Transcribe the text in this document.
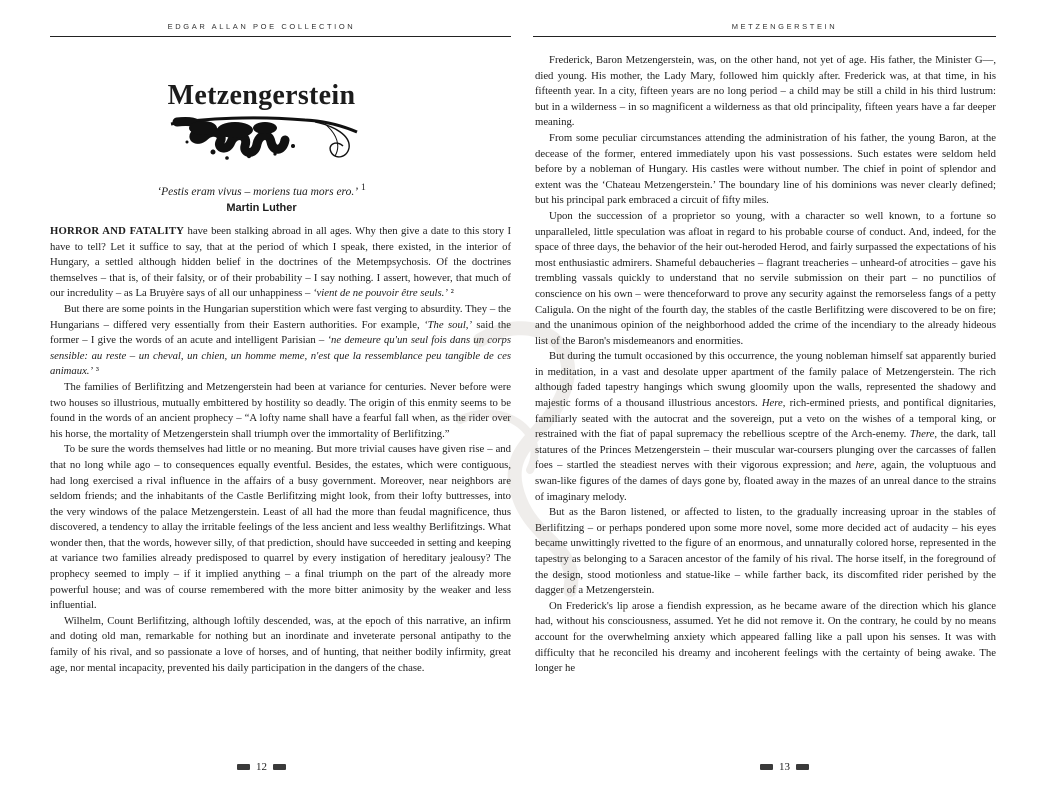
EDGAR ALLAN POE COLLECTION
Metzengerstein
‘Pestis eram vivus – moriens tua mors ero.’ $^1$
Martin Luther

HORROR AND FATALITY have been stalking abroad in all ages. Why then give a date to this story I have to tell? Let it suffice to say, that at the period of which I speak, there existed, in the interior of Hungary, a settled although hidden belief in the doctrines of the Metempsychosis. Of the doctrines themselves – that is, of their falsity, or of their probability – I say nothing. I assert, however, that much of our incredulity – as La Bruyère says of all our unhappiness – ‘vient de ne pouvoir être seuls.’ ²

But there are some points in the Hungarian superstition which were fast verging to absurdity. They – the Hungarians – differed very essentially from their Eastern authorities. For example, ‘The soul,’ said the former – I give the words of an acute and intelligent Parisian – ‘ne demeure qu'un seul fois dans un corps sensible: au reste – un cheval, un chien, un homme meme, n'est que la ressemblance peu tangible de ces animaux.’ ³

The families of Berlifitzing and Metzengerstein had been at variance for centuries. Never before were two houses so illustrious, mutually embittered by hostility so deadly. The origin of this enmity seems to be found in the words of an ancient prophecy – “A lofty name shall have a fearful fall when, as the rider over his horse, the mortality of Metzengerstein shall triumph over the immortality of Berlifitzing.”

To be sure the words themselves had little or no meaning. But more trivial causes have given rise – and that no long while ago – to consequences equally eventful. Besides, the estates, which were contiguous, had long exercised a rival influence in the affairs of a busy government. Moreover, near neighbors are seldom friends; and the inhabitants of the Castle Berlifitzing might look, from their lofty buttresses, into the very windows of the palace Metzengerstein. Least of all had the more than feudal magnificence, thus discovered, a tendency to allay the irritable feelings of the less ancient and less wealthy Berlifitzings. What wonder then, that the words, however silly, of that prediction, should have succeeded in setting and keeping at variance two families already predisposed to quarrel by every instigation of hereditary jealousy? The prophecy seemed to imply – if it implied anything – a final triumph on the part of the already more powerful house; and was of course remembered with the more bitter animosity by the weaker and less influential.

Wilhelm, Count Berlifitzing, although loftily descended, was, at the epoch of this narrative, an infirm and doting old man, remarkable for nothing but an inordinate and inveterate personal antipathy to the family of his rival, and so passionate a love of horses, and of hunting, that neither bodily infirmity, great age, nor mental incapacity, prevented his daily participation in the dangers of the chase.

12
METZENGERSTEIN

Frederick, Baron Metzengerstein, was, on the other hand, not yet of age. His father, the Minister G—, died young. His mother, the Lady Mary, followed him quickly after. Frederick was, at that time, in his fifteenth year. In a city, fifteen years are no long period – a child may be still a child in his third lustrum: but in a wilderness – in so magnificent a wilderness as that old principality, fifteen years have a far deeper meaning.

From some peculiar circumstances attending the administration of his father, the young Baron, at the decease of the former, entered immediately upon his vast possessions. Such estates were seldom held before by a nobleman of Hungary. His castles were without number. The chief in point of splendor and extent was the ‘Chateau Metzengerstein.’ The boundary line of his dominions was never clearly defined; but his principal park embraced a circuit of fifty miles.

Upon the succession of a proprietor so young, with a character so well known, to a fortune so unparalleled, little speculation was afloat in regard to his probable course of conduct. And, indeed, for the space of three days, the behavior of the heir out-heroded Herod, and fairly surpassed the expectations of his most enthusiastic admirers. Shameful debaucheries – flagrant treacheries – unheard-of atrocities – gave his trembling vassals quickly to understand that no servile submission on their part – no punctilios of conscience on his own – were thenceforward to prove any security against the remorseless fangs of a petty Caligula. On the night of the fourth day, the stables of the castle Berlifitzing were discovered to be on fire; and the unanimous opinion of the neighborhood added the crime of the incendiary to the already hideous list of the Baron's misdemeanors and enormities.

But during the tumult occasioned by this occurrence, the young nobleman himself sat apparently buried in meditation, in a vast and desolate upper apartment of the family palace of Metzengerstein. The rich although faded tapestry hangings which swung gloomily upon the walls, represented the shadowy and majestic forms of a thousand illustrious ancestors. Here, rich-ermined priests, and pontifical dignitaries, familiarly seated with the autocrat and the sovereign, put a veto on the wishes of a temporal king, or restrained with the fiat of papal supremacy the rebellious sceptre of the Arch-enemy. There, the dark, tall statures of the Princes Metzengerstein – their muscular war-coursers plunging over the carcasses of fallen foes – startled the steadiest nerves with their vigorous expression; and here, again, the voluptuous and swan-like figures of the dames of days gone by, floated away in the mazes of an unreal dance to the strains of imaginary melody.

But as the Baron listened, or affected to listen, to the gradually increasing uproar in the stables of Berlifitzing – or perhaps pondered upon some more novel, some more decided act of audacity – his eyes became unwittingly rivetted to the figure of an enormous, and unnaturally colored horse, represented in the tapestry as belonging to a Saracen ancestor of the family of his rival. The horse itself, in the foreground of the design, stood motionless and statue-like – while farther back, its discomfited rider perished by the dagger of a Metzengerstein.

On Frederick's lip arose a fiendish expression, as he became aware of the direction which his glance had, without his consciousness, assumed. Yet he did not remove it. On the contrary, he could by no means account for the overwhelming anxiety which appeared falling like a pall upon his senses. It was with difficulty that he reconciled his dreamy and incoherent feelings with the certainty of being awake. The longer he

13
